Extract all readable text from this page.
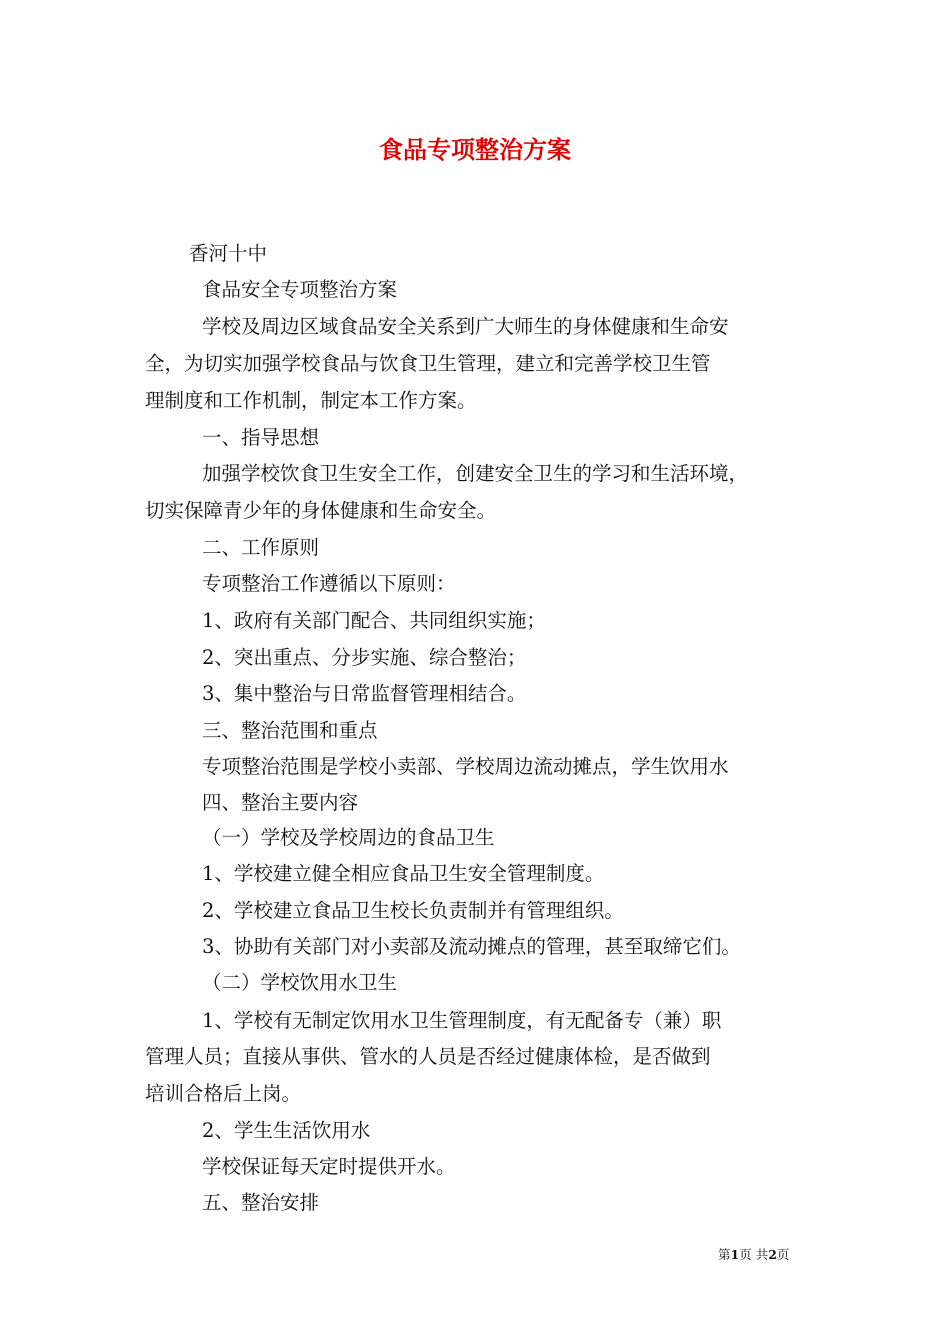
食品专项整治方案
香河十中
食品安全专项整治方案
学校及周边区域食品安全关系到广大师生的身体健康和生命安
全，为切实加强学校食品与饮食卫生管理，建立和完善学校卫生管
理制度和工作机制，制定本工作方案。
一、指导思想
加强学校饮食卫生安全工作，创建安全卫生的学习和生活环境，
切实保障青少年的身体健康和生命安全。
二、工作原则
专项整治工作遵循以下原则：
1、政府有关部门配合、共同组织实施；
2、突出重点、分步实施、综合整治；
3、集中整治与日常监督管理相结合。
三、整治范围和重点
专项整治范围是学校小卖部、学校周边流动摊点，学生饮用水
四、整治主要内容
（一）学校及学校周边的食品卫生
1、学校建立健全相应食品卫生安全管理制度。
2、学校建立食品卫生校长负责制并有管理组织。
3、协助有关部门对小卖部及流动摊点的管理，甚至取缔它们。
（二）学校饮用水卫生
1、学校有无制定饮用水卫生管理制度，有无配备专（兼）职
管理人员；直接从事供、管水的人员是否经过健康体检，是否做到
培训合格后上岗。
2、学生生活饮用水
学校保证每天定时提供开水。
五、整治安排
第1页 共2页
